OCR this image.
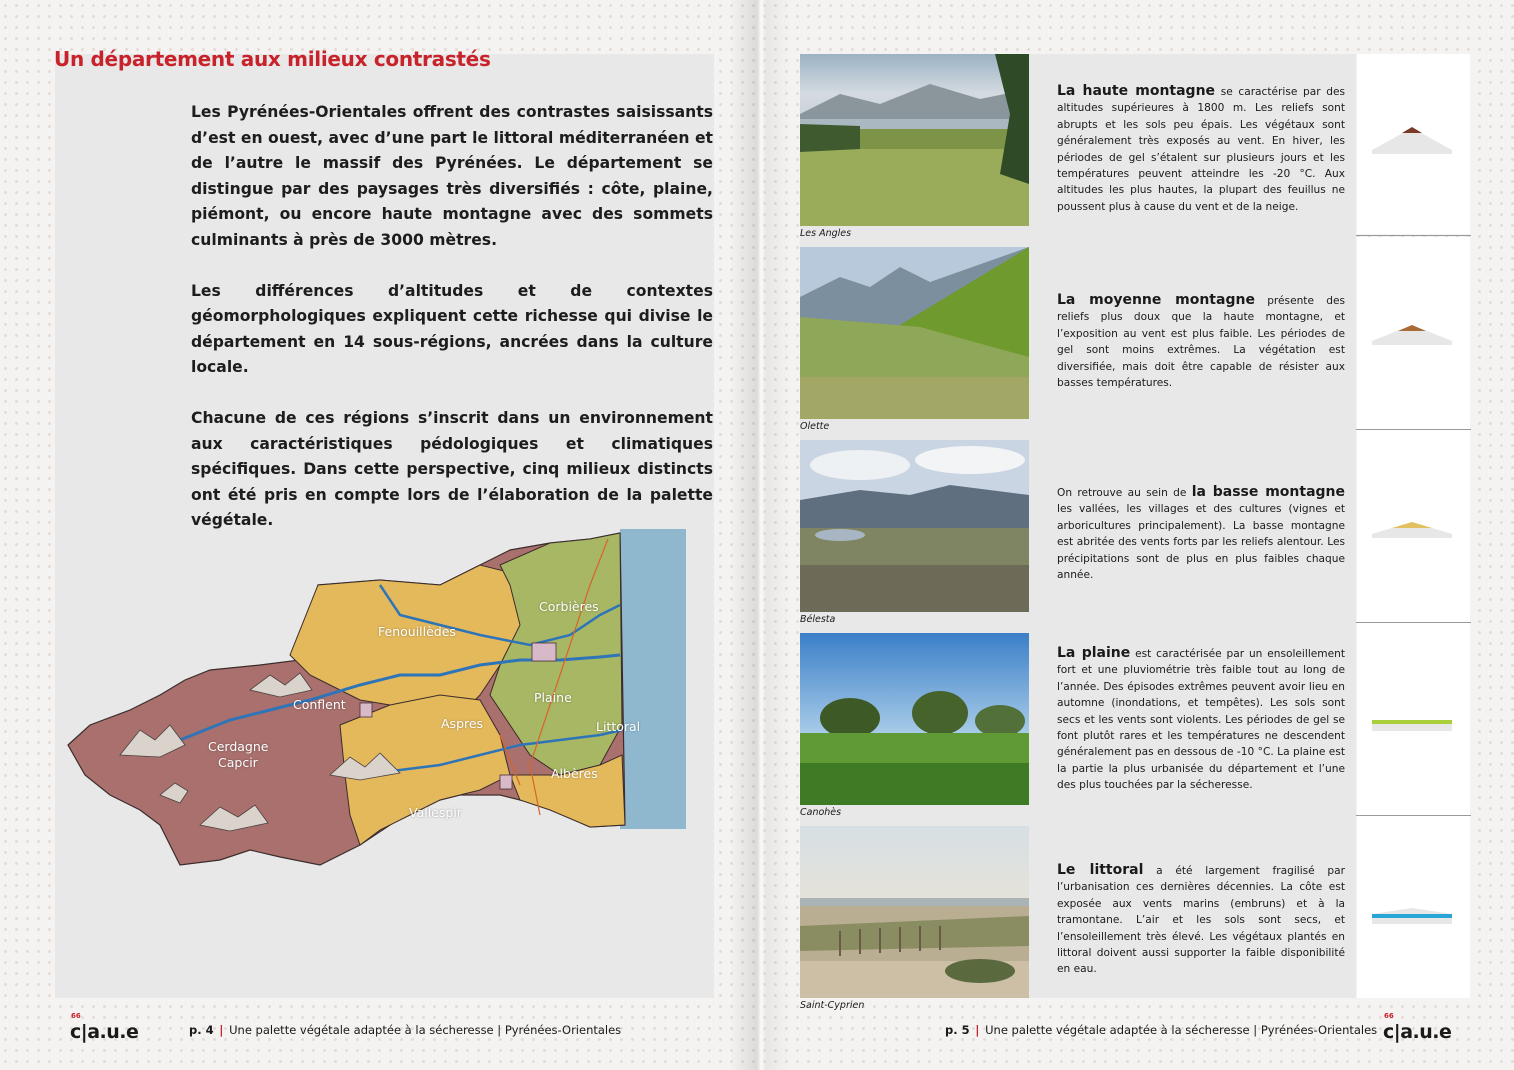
Un département aux milieux contrastés

Les Pyrénées-Orientales offrent des contrastes saisissants d’est en ouest, avec d’une part le littoral méditerranéen et de l’autre le massif des Pyrénées. Le département se distingue par des paysages très diversifiés : côte, plaine, piémont, ou encore haute montagne avec des sommets culminants à près de 3000 mètres.

Les différences d’altitudes et de contextes géomorphologiques expliquent cette richesse qui divise le département en 14 sous-régions, ancrées dans la culture locale.

Chacune de ces régions s’inscrit dans un environnement aux caractéristiques pédologiques et climatiques spécifiques. Dans cette perspective, cinq milieux distincts ont été pris en compte lors de l’élaboration de la palette végétale.

Fenouillèdes
Corbières
Conflent
Cerdagne
Capcir
Aspres
Plaine
Littoral
Albères
Vallespir
66
c|a.u.e	p. 4 | Une palette végétale adaptée à la sécheresse | Pyrénées-Orientales
Les Angles
La haute montagne se caractérise par des altitudes supérieures à 1800 m. Les reliefs sont abrupts et les sols peu épais. Les végétaux sont généralement très exposés au vent. En hiver, les périodes de gel s’étalent sur plusieurs jours et les températures peuvent atteindre les -20 °C. Aux altitudes les plus hautes, la plupart des feuillus ne poussent plus à cause du vent et de la neige.
Olette
La moyenne montagne présente des reliefs plus doux que la haute montagne, et l’exposition au vent est plus faible. Les périodes de gel sont moins extrêmes. La végétation est diversifiée, mais doit être capable de résister aux basses températures.
Bélesta
On retrouve au sein de la basse montagne les vallées, les villages et des cultures (vignes et arboricultures principalement). La basse montagne est abritée des vents forts par les reliefs alentour. Les précipitations sont de plus en plus faibles chaque année.
Canohès
La plaine est caractérisée par un ensoleillement fort et une pluviométrie très faible tout au long de l’année. Des épisodes extrêmes peuvent avoir lieu en automne (inondations, et tempêtes). Les sols sont secs et les vents sont violents. Les périodes de gel se font plutôt rares et les températures ne descendent généralement pas en dessous de -10 °C. La plaine est la partie la plus urbanisée du département et l’une des plus touchées par la sécheresse.
Saint-Cyprien
Le littoral a été largement fragilisé par l’urbanisation ces dernières décennies. La côte est exposée aux vents marins (embruns) et à la tramontane. L’air et les sols sont secs, et l’ensoleillement très élevé. Les végétaux plantés en littoral doivent aussi supporter la faible disponibilité en eau.
p. 5 | Une palette végétale adaptée à la sécheresse | Pyrénées-Orientales
66
c|a.u.e
